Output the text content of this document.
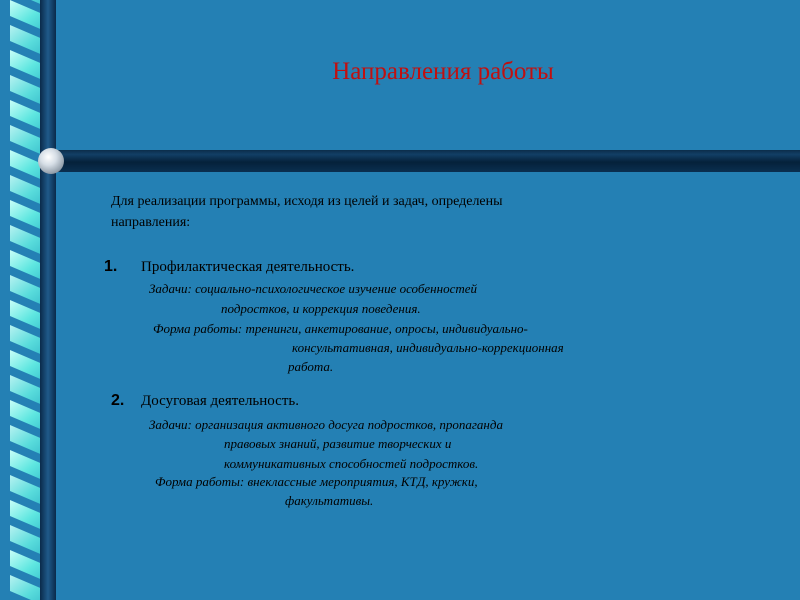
Направления работы
Для реализации программы, исходя из целей и задач, определены
направления:
1. Профилактическая деятельность.
Задачи: социально-психологическое изучение особенностей
подростков, и коррекция поведения.
Форма работы: тренинги, анкетирование, опросы, индивидуально-
консультативная, индивидуально-коррекционная
работа.
2. Досуговая деятельность.
Задачи: организация активного досуга подростков, пропаганда
правовых знаний, развитие творческих и
коммуникативных способностей подростков.
Форма работы: внеклассные мероприятия, КТД, кружки,
факультативы.
